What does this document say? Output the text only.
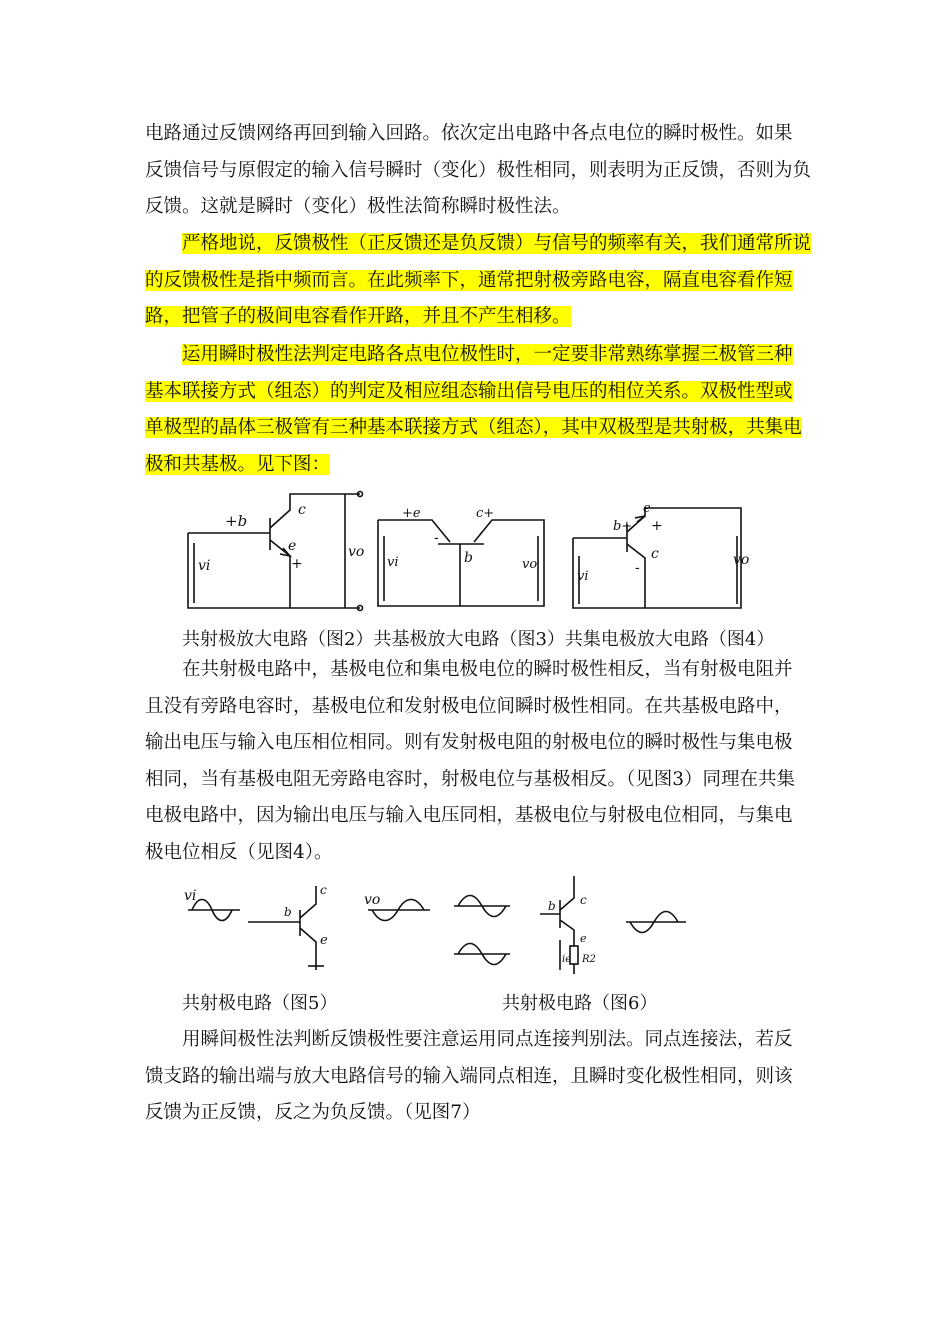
电路通过反馈网络再回到输入回路。依次定出电路中各点电位的瞬时极性。如果
反馈信号与原假定的输入信号瞬时（变化）极性相同，则表明为正反馈，否则为负
反馈。这就是瞬时（变化）极性法简称瞬时极性法。
严格地说，反馈极性（正反馈还是负反馈）与信号的频率有关，我们通常所说
的反馈极性是指中频而言。在此频率下，通常把射极旁路电容，隔直电容看作短
路，把管子的极间电容看作开路，并且不产生相移。
运用瞬时极性法判定电路各点电位极性时，一定要非常熟练掌握三极管三种
基本联接方式（组态）的判定及相应组态输出信号电压的相位关系。双极性型或
单极型的晶体三极管有三种基本联接方式（组态），其中双极型是共射极，共集电
极和共基极。见下图：
+b
c
e
+
vi
vo
+e	c+
-
b
vi	vo
e
b+ +
c
-
vi
vo
共射极放大电路（图2）共基极放大电路（图3）共集电极放大电路（图4）
在共射极电路中，基极电位和集电极电位的瞬时极性相反，当有射极电阻并
且没有旁路电容时，基极电位和发射极电位间瞬时极性相同。在共基极电路中，
输出电压与输入电压相位相同。则有发射极电阻的射极电位的瞬时极性与集电极
相同，当有基极电阻无旁路电容时，射极电位与基极相反。（见图3）同理在共集
电极电路中，因为输出电压与输入电压同相，基极电位与射极电位相同，与集电
极电位相反（见图4）。
vi
b
c
e
vo	b c
e
ie R2
共射极电路（图5）	共射极电路（图6）
用瞬间极性法判断反馈极性要注意运用同点连接判别法。同点连接法，若反
馈支路的输出端与放大电路信号的输入端同点相连，且瞬时变化极性相同，则该
反馈为正反馈，反之为负反馈。（见图7）
